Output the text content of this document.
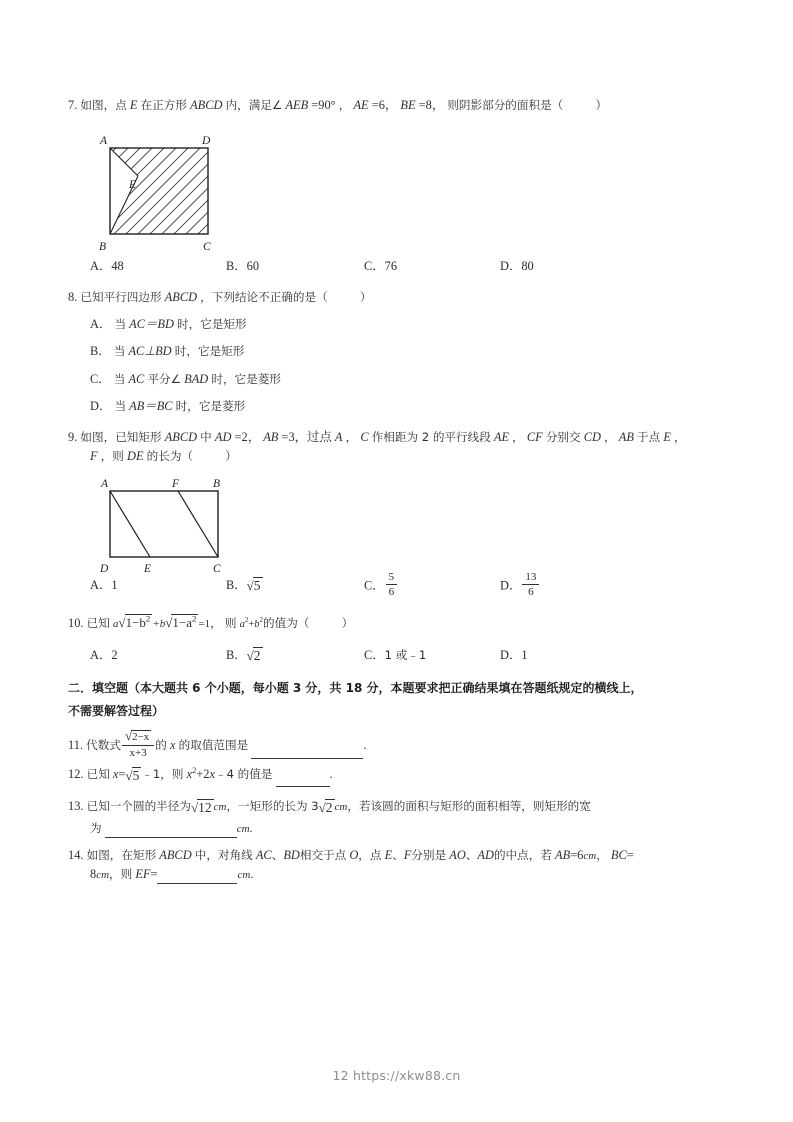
7. 如图，点 E 在正方形 ABCD 内，满足∠ AEB =90° ， AE =6， BE =8， 则阴影部分的面积是（	）
A	D
B	C
E
A．48	B．60	C．76	D．80
8. 已知平行四边形 ABCD ，下列结论不正确的是（	）
A． 当 AC＝BD 时，它是矩形
B． 当 AC⊥BD 时，它是矩形
C． 当 AC 平分∠ BAD 时，它是菱形
D． 当 AB＝BC 时，它是菱形
9. 如图，已知矩形 ABCD 中 AD =2， AB =3，过点 A ， C 作相距为 2 的平行线段 AE ， CF 分别交 CD ， AB 于点 E ，
F ，则 DE 的长为（	）
A	F	B
D	E	C
A．1	B．√5	C． $\frac{5}{6}$	D． $\frac{13}{6}$
10. 已知 $a√1-b^2 +b√1-a^2 =1$， 则 $a^2+b^2$的值为（	）
A．2	B．√2	C．1 或﹣1	D．1
二．填空题（本大题共 6 个小题，每小题 3 分，共 18 分，本题要求把正确结果填在答题纸规定的横线上，
不需要解答过程）
11. 代数式 $\frac{√2-x}{x+3}$ 的 x 的取值范围是	.
12. 已知 x=√5 ﹣1，则 $x^2+2x﹣4$ 的值是	.
13. 已知一个圆的半径为√12 cm，一矩形的长为 3√2 cm，若该圆的面积与矩形的面积相等，则矩形的宽
为	cm.
14. 如图，在矩形 ABCD 中，对角线 AC、BD相交于点 O，点 E、F分别是 AO、AD的中点，若 AB=6cm， BC=
8cm，则 EF=	cm.
12 https://xkw88.cn
